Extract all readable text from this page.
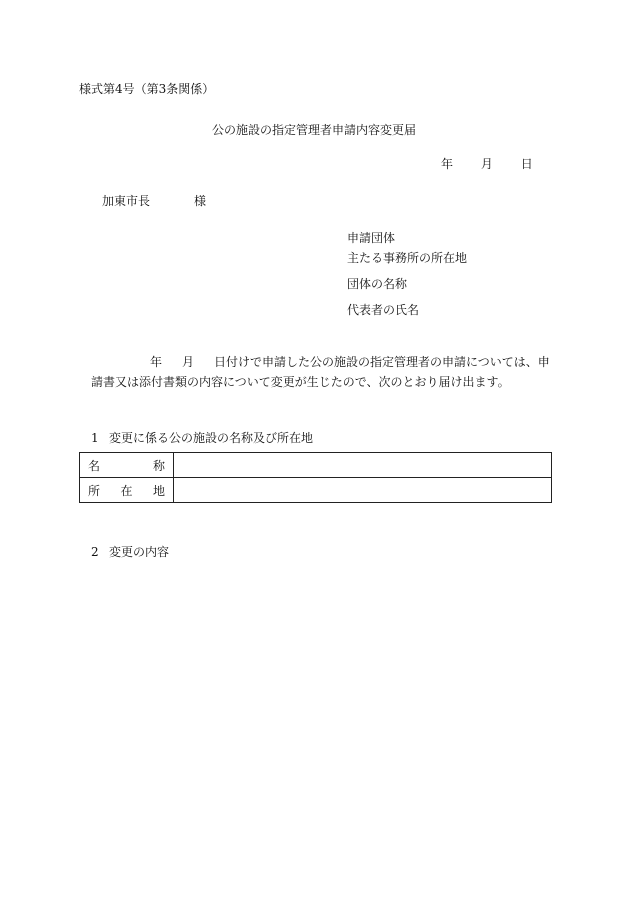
様式第4号（第3条関係）
公の施設の指定管理者申請内容変更届
年 月 日
加東市長	様
申請団体
主たる事務所の所在地
団体の名称
代表者の氏名
年 月 日付けで申請した公の施設の指定管理者の申請については、申
請書又は添付書類の内容について変更が生じたので、次のとおり届け出ます。
1 変更に係る公の施設の名称及び所在地
名 称	

所 在 地	

2 変更の内容
